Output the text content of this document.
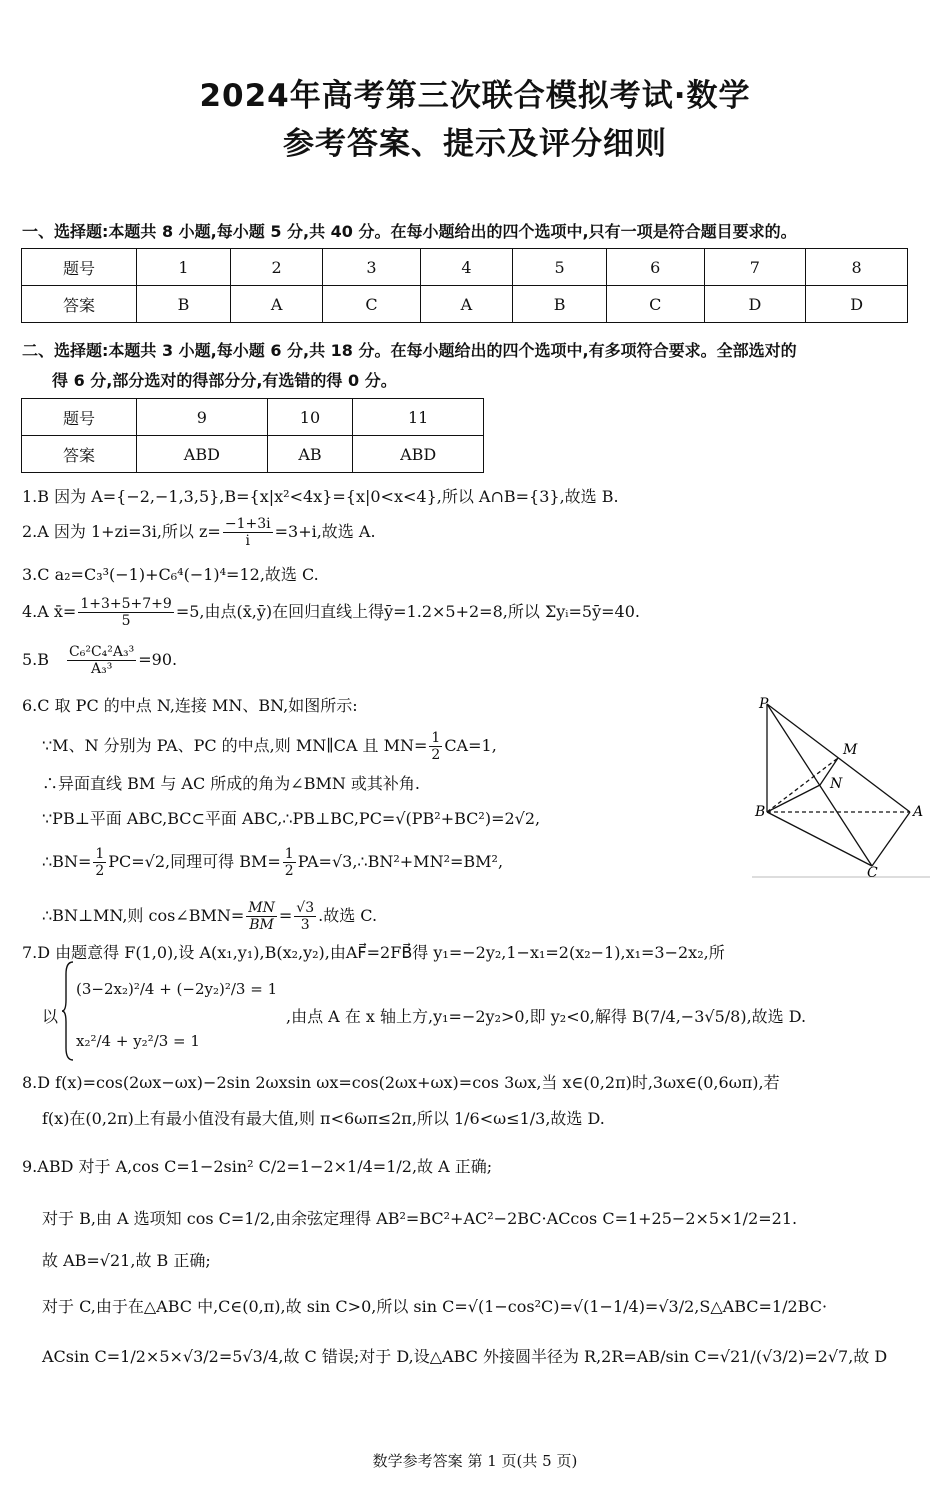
2024年高考第三次联合模拟考试·数学
参考答案、提示及评分细则
一、选择题:本题共 8 小题,每小题 5 分,共 40 分。在每小题给出的四个选项中,只有一项是符合题目要求的。
题号	1	2	3	4	5	6	7	8
答案	B	A	C	A	B	C	D	D
二、选择题:本题共 3 小题,每小题 6 分,共 18 分。在每小题给出的四个选项中,有多项符合要求。全部选对的
得 6 分,部分选对的得部分分,有选错的得 0 分。
题号	9	10	11
答案	ABD	AB	ABD
1.B 因为 A={−2,−1,3,5},B={x|x²<4x}={x|0<x<4},所以 A∩B={3},故选 B.
2.A 因为 1+zi=3i,所以 $z= \frac{-1+3i}{i} =3+i$,故选 A.
3.C a₂=C₃³(−1)+C₆⁴(−1)⁴=12,故选 C.
4.A x̄= $\frac{1+3+5+7+9}{5} =5$,由点(x̄,ȳ)在回归直线上得ȳ=1.2×5+2=8,所以 Σyᵢ=5ȳ=40.
$5.B \frac{\text{C₆²C₄²A₃³}}{\text{A₃³}} =90$.
6.C 取 PC 的中点 N,连接 MN、BN,如图所示:
∵M、N 分别为 PA、PC 的中点,则 MN∥CA 且 $MN= \frac{1}{2} CA=1$,
∴异面直线 BM 与 AC 所成的角为∠BMN 或其补角.
∵PB⊥平面 ABC,BC⊂平面 ABC,∴PB⊥BC,PC=√(PB²+BC²)=2√2,
∴BN= $\frac{1}{2} PC=√2$,同理可得 $BM= \frac{1}{2}$ PA=√3,∴BN²+MN²=BM²,
∴BN⊥MN,则 cos∠BMN= $\frac{MN}{BM} = \frac{√3}{3}$ .故选 C.
P
M
N
B	A
C
7.D 由题意得 F(1,0),设 A(x₁,y₁),B(x₂,y₂),由AF⃗=2FB⃗得 y₁=−2y₂,1−x₁=2(x₂−1),x₁=3−2x₂,所
以
(3−2x₂)²/4 + (−2y₂)²/3 = 1
x₂²/4 + y₂²/3 = 1
,由点 A 在 x 轴上方,y₁=−2y₂>0,即 y₂<0,解得 B(7/4,−3√5/8),故选 D.
8.D f(x)=cos(2ωx−ωx)−2sin 2ωxsin ωx=cos(2ωx+ωx)=cos 3ωx,当 x∈(0,2π)时,3ωx∈(0,6ωπ),若
f(x)在(0,2π)上有最小值没有最大值,则 π<6ωπ≤2π,所以 1/6<ω≤1/3,故选 D.
9.ABD 对于 A,cos C=1−2sin² C/2=1−2×1/4=1/2,故 A 正确;
对于 B,由 A 选项知 cos C=1/2,由余弦定理得 AB²=BC²+AC²−2BC·ACcos C=1+25−2×5×1/2=21.
故 AB=√21,故 B 正确;
对于 C,由于在△ABC 中,C∈(0,π),故 sin C>0,所以 sin C=√(1−cos²C)=√(1−1/4)=√3/2,S△ABC=1/2BC·
ACsin C=1/2×5×√3/2=5√3/4,故 C 错误;对于 D,设△ABC 外接圆半径为 R,2R=AB/sin C=√21/(√3/2)=2√7,故 D
数学参考答案 第 1 页(共 5 页)
